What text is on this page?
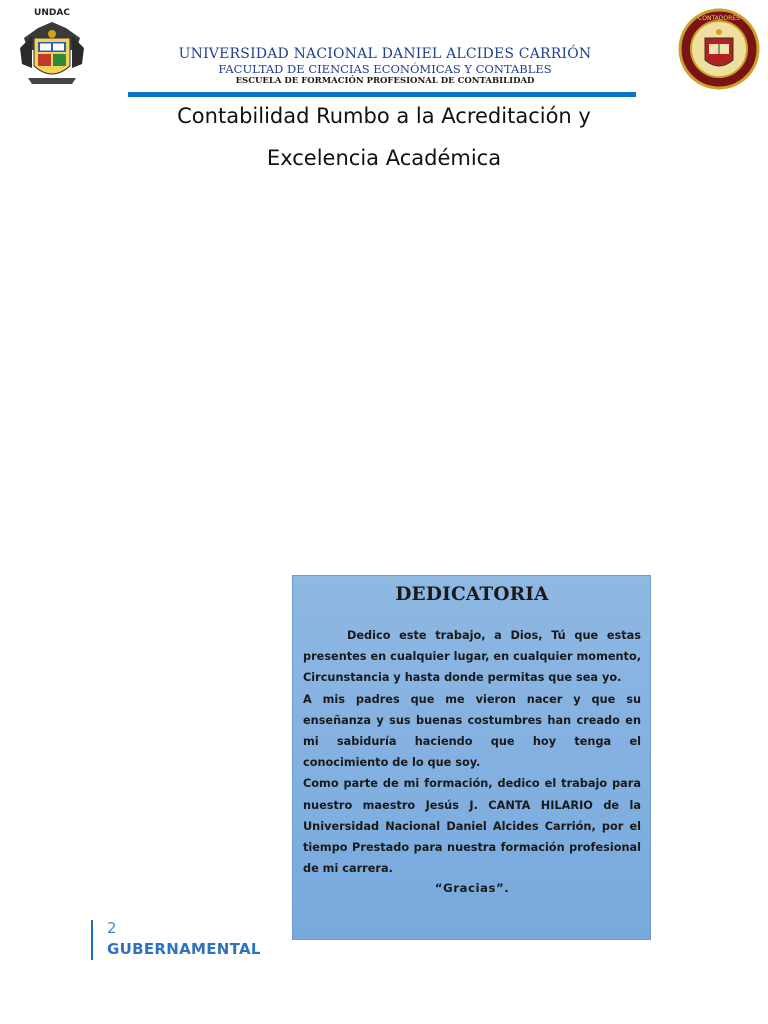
UNDAC
CONTADORES
UNIVERSIDAD NACIONAL DANIEL ALCIDES CARRIÓN
FACULTAD DE CIENCIAS ECONÓMICAS Y CONTABLES
ESCUELA DE FORMACIÓN PROFESIONAL DE CONTABILIDAD
Contabilidad Rumbo a la Acreditación y
Excelencia Académica
DEDICATORIA

Dedico este trabajo, a Dios, Tú que estas presentes en cualquier lugar, en cualquier momento, Circunstancia y hasta donde permitas que sea yo.

A mis padres que me vieron nacer y que su enseñanza y sus buenas costumbres han creado en mi sabiduría haciendo que hoy tenga el conocimiento de lo que soy.

Como parte de mi formación, dedico el trabajo para nuestro maestro Jesús J. CANTA HILARIO de la Universidad Nacional Daniel Alcides Carrión, por el tiempo Prestado para nuestra formación profesional de mi carrera.

“Gracias”.
2
GUBERNAMENTAL
